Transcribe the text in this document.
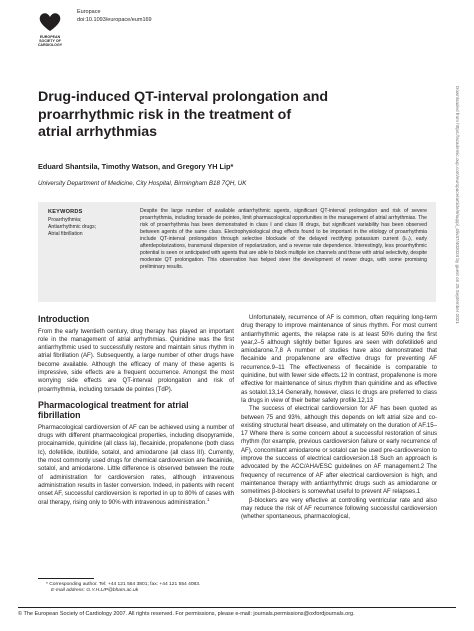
EUROPEAN
SOCIETY OF
CARDIOLOGY
Europace
doi:10.1093/europace/eum169
Drug-induced QT-interval prolongation and
proarrhythmic risk in the treatment of
atrial arrhythmias

Eduard Shantsila, Timothy Watson, and Gregory YH Lip*

University Department of Medicine, City Hospital, Birmingham B18 7QH, UK

KEYWORDS
Proarrhythmia;
Antiarrhythmic drugs;
Atrial fibrillation

Despite the large number of available antiarrhythmic agents, significant QT-interval prolongation and risk of severe proarrhythmia, including torsade de pointes, limit pharmacological opportunities in the management of atrial arrhythmias. The risk of proarrhythmia has been demonstrated in class I and class III drugs, but significant variability has been observed between agents of the same class. Electrophysiological drug effects found to be important in the etiology of proarrhythmia include QT-interval prolongation through selective blockade of the delayed rectifying potassium current (Iₖᵣ), early afterdepolarizations, transmural dispersion of repolarization, and a reverse rate dependence. Interestingly, less proarrhythmic potential is seen or anticipated with agents that are able to block multiple ion channels and those with atrial selectivity, despite moderate QT prolongation. This observation has helped steer the development of newer drugs, with some promising preliminary results.

Introduction

From the early twentieth century, drug therapy has played an important role in the management of atrial arrhythmias. Quinidine was the first antiarrhythmic used to successfully restore and maintain sinus rhythm in atrial fibrillation (AF). Subsequently, a large number of other drugs have become available. Although the efficacy of many of these agents is impressive, side effects are a frequent occurrence. Amongst the most worrying side effects are QT-interval prolongation and risk of proarrhythmia, including torsade de pointes (TdP).

Pharmacological treatment for atrial
fibrillation

Pharmacological cardioversion of AF can be achieved using a number of drugs with different pharmacological properties, including disopyramide, procainamide, quinidine (all class Ia), flecainide, propafenone (both class Ic), dofetilide, ibutilide, sotalol, and amiodarone (all class III). Currently, the most commonly used drugs for chemical cardioversion are flecainide, sotalol, and amiodarone. Little difference is observed between the route of administration for cardioversion rates, although intravenous administration results in faster conversion. Indeed, in patients with recent onset AF, successful cardioversion is reported in up to 80% of cases with oral therapy, rising only to 90% with intravenous administration.$^1$

* Corresponding author. Tel: +44 121 554 3801; fax: +44 121 554 4083.
E-mail address: G.Y.H.LIP@bham.ac.uk

Unfortunately, recurrence of AF is common, often requiring long-term drug therapy to improve maintenance of sinus rhythm. For most current antiarrhythmic agents, the relapse rate is at least 50% during the first year,2–5 although slightly better figures are seen with dofetilide6 and amiodarone.7,8 A number of studies have also demonstrated that flecainide and propafenone are effective drugs for preventing AF recurrence.9–11 The effectiveness of flecainide is comparable to quinidine, but with fewer side effects.12 In contrast, propafenone is more effective for maintenance of sinus rhythm than quinidine and as effective as sotalol.13,14 Generally, however, class Ic drugs are preferred to class Ia drugs in view of their better safety profile.12,13

The success of electrical cardioversion for AF has been quoted as between 75 and 93%, although this depends on left atrial size and co-existing structural heart disease, and ultimately on the duration of AF.15–17 Where there is some concern about a successful restoration of sinus rhythm (for example, previous cardioversion failure or early recurrence of AF), concomitant amiodarone or sotalol can be used pre-cardioversion to improve the success of electrical cardioversion.18 Such an approach is advocated by the ACC/AHA/ESC guidelines on AF management.2 The frequency of recurrence of AF after electrical cardioversion is high, and maintenance therapy with antiarrhythmic drugs such as amiodarone or sometimes β-blockers is somewhat useful to prevent AF relapses.1

β-blockers are very effective at controlling ventricular rate and also may reduce the risk of AF recurrence following successful cardioversion (whether spontaneous, pharmacological,

Downloaded from https://academic.oup.com/europace/article/9/suppl_4/iv37/402024 by guest on 25 September 2021
© The European Society of Cardiology 2007. All rights reserved. For permissions, please e-mail: journals.permissions@oxfordjournals.org.
